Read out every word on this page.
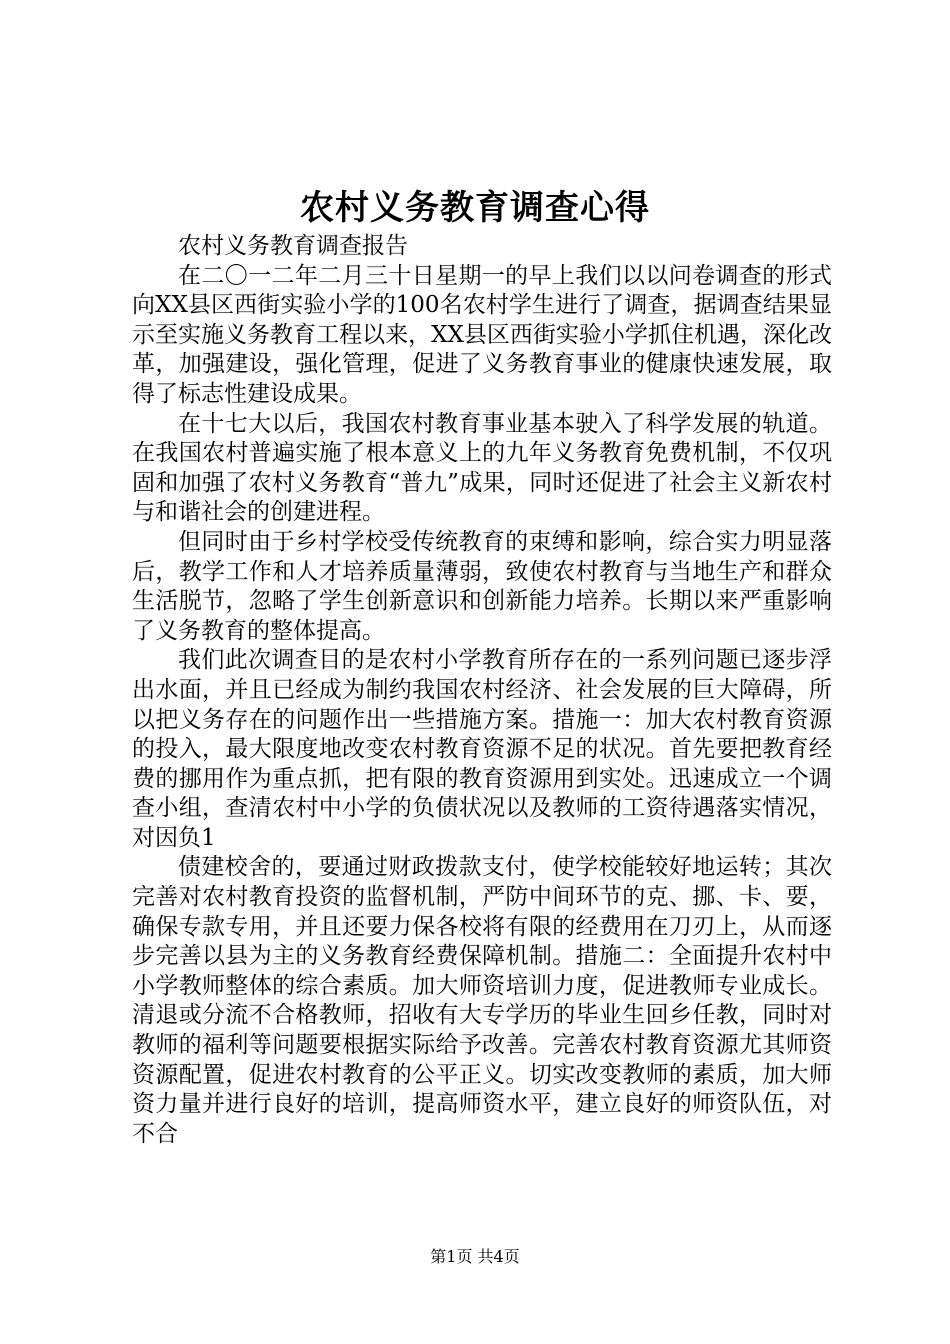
农村义务教育调查心得

农村义务教育调查报告

在二〇一二年二月三十日星期一的早上我们以以问卷调查的形式向XX县区西街实验小学的100名农村学生进行了调查，据调查结果显示至实施义务教育工程以来，XX县区西街实验小学抓住机遇，深化改革，加强建设，强化管理，促进了义务教育事业的健康快速发展，取得了标志性建设成果。

在十七大以后，我国农村教育事业基本驶入了科学发展的轨道。在我国农村普遍实施了根本意义上的九年义务教育免费机制，不仅巩固和加强了农村义务教育“普九”成果，同时还促进了社会主义新农村与和谐社会的创建进程。

但同时由于乡村学校受传统教育的束缚和影响，综合实力明显落后，教学工作和人才培养质量薄弱，致使农村教育与当地生产和群众生活脱节，忽略了学生创新意识和创新能力培养。长期以来严重影响了义务教育的整体提高。

我们此次调查目的是农村小学教育所存在的一系列问题已逐步浮出水面，并且已经成为制约我国农村经济、社会发展的巨大障碍，所以把义务存在的问题作出一些措施方案。措施一：加大农村教育资源的投入，最大限度地改变农村教育资源不足的状况。首先要把教育经费的挪用作为重点抓，把有限的教育资源用到实处。迅速成立一个调查小组，查清农村中小学的负债状况以及教师的工资待遇落实情况，对因负1

债建校舍的，要通过财政拨款支付，使学校能较好地运转；其次完善对农村教育投资的监督机制，严防中间环节的克、挪、卡、要，确保专款专用，并且还要力保各校将有限的经费用在刀刃上，从而逐步完善以县为主的义务教育经费保障机制。措施二：全面提升农村中小学教师整体的综合素质。加大师资培训力度，促进教师专业成长。清退或分流不合格教师，招收有大专学历的毕业生回乡任教，同时对教师的福利等问题要根据实际给予改善。完善农村教育资源尤其师资资源配置，促进农村教育的公平正义。切实改变教师的素质，加大师资力量并进行良好的培训，提高师资水平，建立良好的师资队伍，对不合

第1页 共4页
